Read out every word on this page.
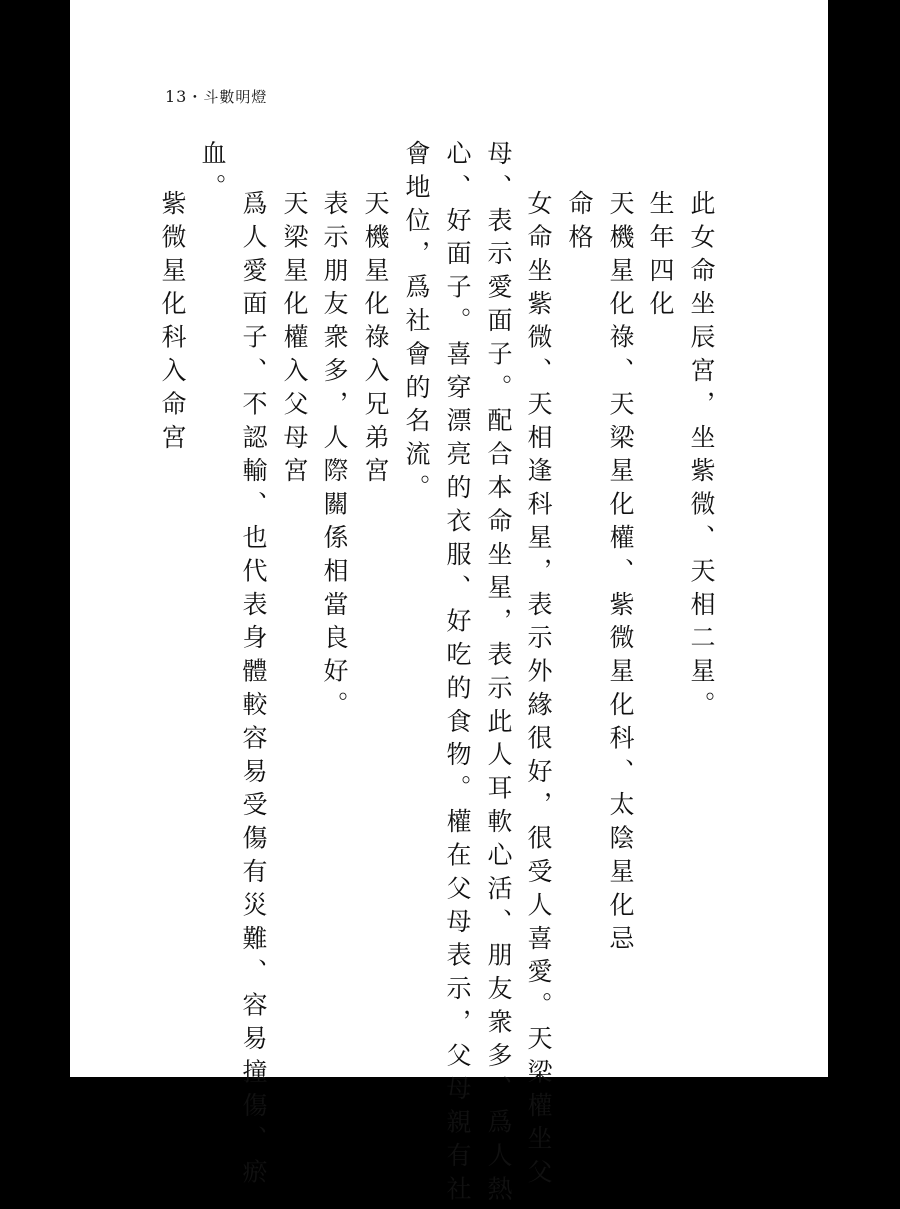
13・斗數明燈
此女命坐辰宮，坐紫微、天相二星。
生年四化
天機星化祿、天梁星化權、紫微星化科、太陰星化忌
命格
女命坐紫微、天相逢科星，表示外緣很好，很受人喜愛。天梁權坐父
母、表示愛面子。配合本命坐星，表示此人耳軟心活、朋友衆多、爲人熱
心、好面子。喜穿漂亮的衣服、好吃的食物。權在父母表示，父母親有社
會地位，爲社會的名流。
天機星化祿入兄弟宮
表示朋友衆多，人際關係相當良好。
天梁星化權入父母宮
爲人愛面子、不認輸、也代表身體較容易受傷有災難、容易撞傷、瘀
血。
紫微星化科入命宮
